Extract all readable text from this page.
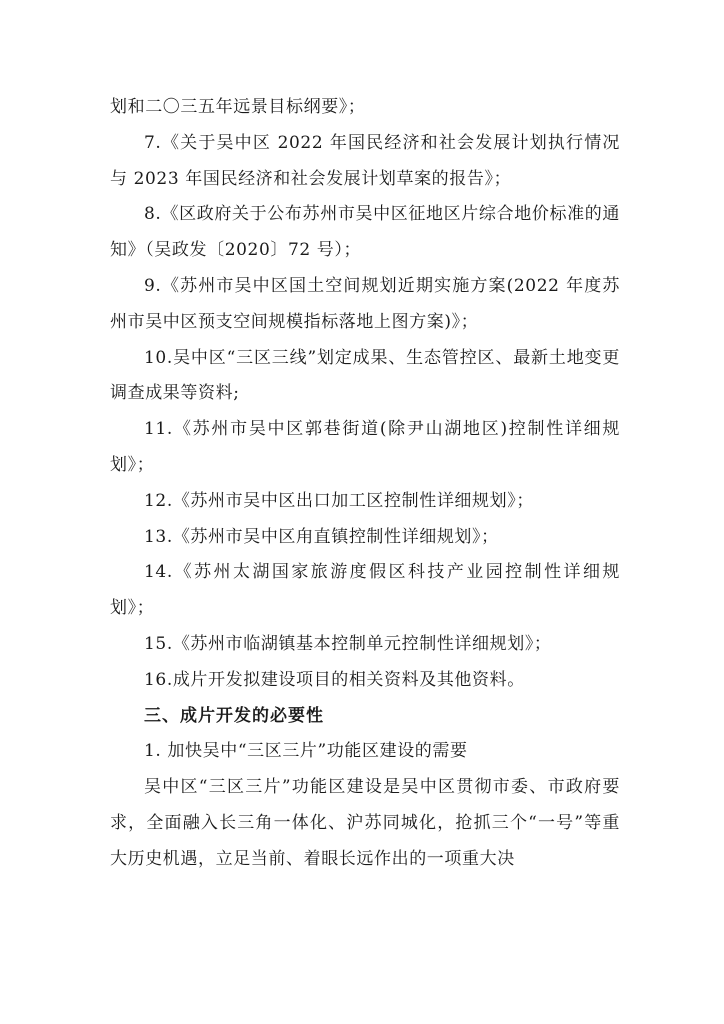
划和二〇三五年远景目标纲要》；

7.《关于吴中区 2022 年国民经济和社会发展计划执行情况与 2023 年国民经济和社会发展计划草案的报告》；

8.《区政府关于公布苏州市吴中区征地区片综合地价标准的通知》（吴政发〔2020〕72 号）；

9.《苏州市吴中区国土空间规划近期实施方案(2022 年度苏州市吴中区预支空间规模指标落地上图方案)》；

10.吴中区“三区三线”划定成果、生态管控区、最新土地变更调查成果等资料;

11.《苏州市吴中区郭巷街道(除尹山湖地区)控制性详细规划》；

12.《苏州市吴中区出口加工区控制性详细规划》；

13.《苏州市吴中区甪直镇控制性详细规划》；

14.《苏州太湖国家旅游度假区科技产业园控制性详细规划》；

15.《苏州市临湖镇基本控制单元控制性详细规划》；

16.成片开发拟建设项目的相关资料及其他资料。

三、成片开发的必要性

1. 加快吴中“三区三片”功能区建设的需要

吴中区“三区三片”功能区建设是吴中区贯彻市委、市政府要求，全面融入长三角一体化、沪苏同城化，抢抓三个“一号”等重大历史机遇，立足当前、着眼长远作出的一项重大决
